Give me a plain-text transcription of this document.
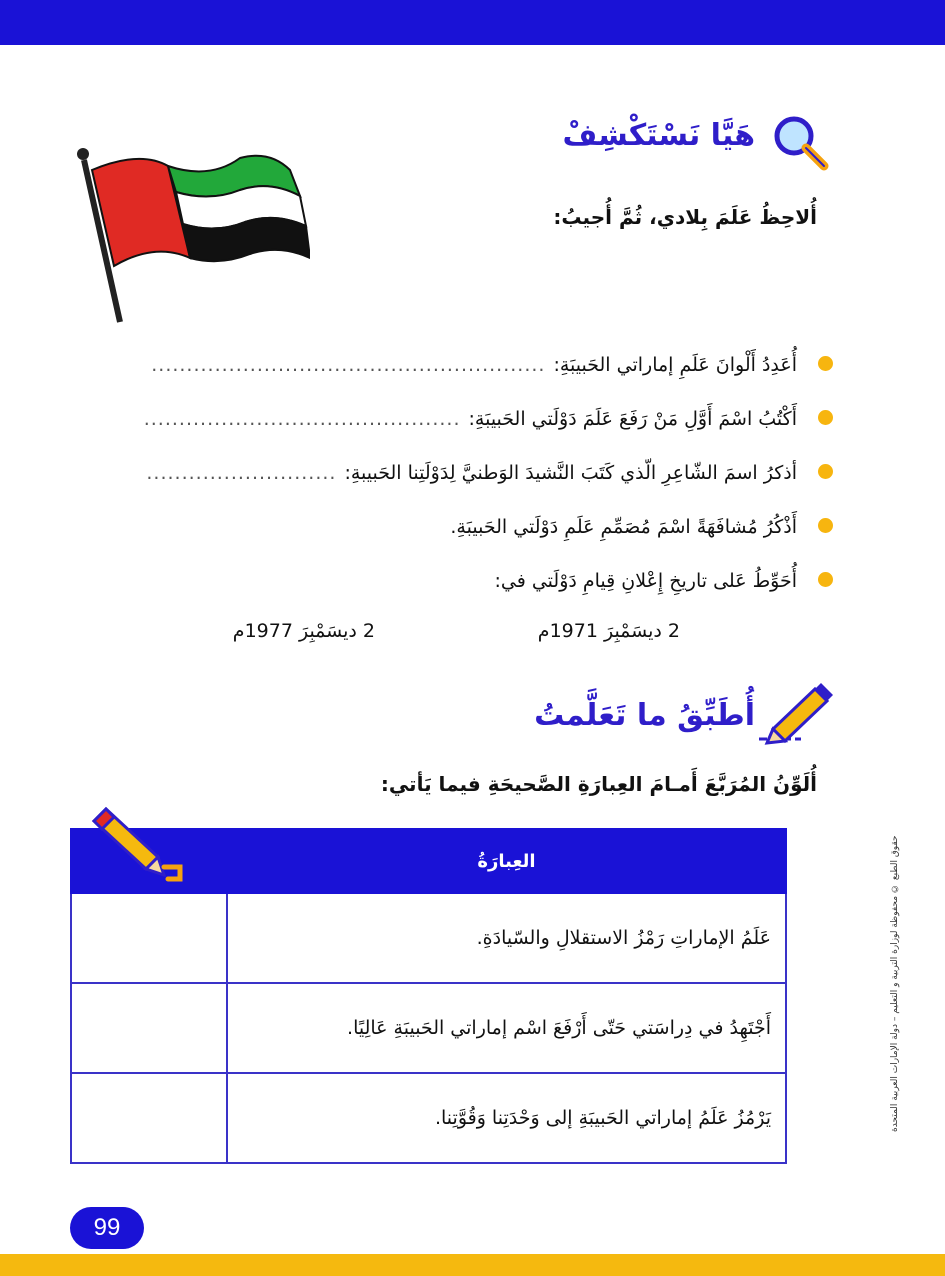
هَيَّا نَسْتَكْشِفْ
أُلاحِظُ عَلَمَ بِلادي، ثُمَّ أُجيبُ:
أُعَدِدُ أَلْوانَ عَلَمِ إماراتي الحَبيبَةِ:
........................................................
أَكْتُبُ اسْمَ أَوَّلِ مَنْ رَفَعَ عَلَمَ دَوْلَتي الحَبيبَةِ:
.............................................
أذكرُ اسمَ الشّاعِرِ الّذي كَتَبَ النَّشيدَ الوَطنيَّ لِدَوْلَتِنا الحَبيبةِ:
...........................
أَذْكُرُ مُشافَهَةً اسْمَ مُصَمِّمِ عَلَمِ دَوْلَتي الحَبيبَةِ.
أُحَوِّطُ عَلى تاريخِ إِعْلانِ قِيامِ دَوْلَتي في:
2 ديسَمْبِرَ 1971م
2 ديسَمْبِرَ 1977م
أُطَبِّقُ ما تَعَلَّمتُ
أُلَوِّنُ المُرَبَّعَ أَمـامَ العِبارَةِ الصَّحيحَةِ فيما يَأتي:
حقوق الطبع © محفوظة لوزارة التربية و التعليم – دولة الإمارات العربية المتحدة
العِبارَةُ	
عَلَمُ الإماراتِ رَمْزُ الاستقلالِ والسّيادَةِ.	
أَجْتَهِدُ في دِراسَتي حَتّى أَرْفَعَ اسْم إماراتي الحَبيبَةِ عَالِيًا.	
يَرْمُزُ عَلَمُ إماراتي الحَبيبَةِ إلى وَحْدَتِنا وَقُوَّتِنا.	
99
